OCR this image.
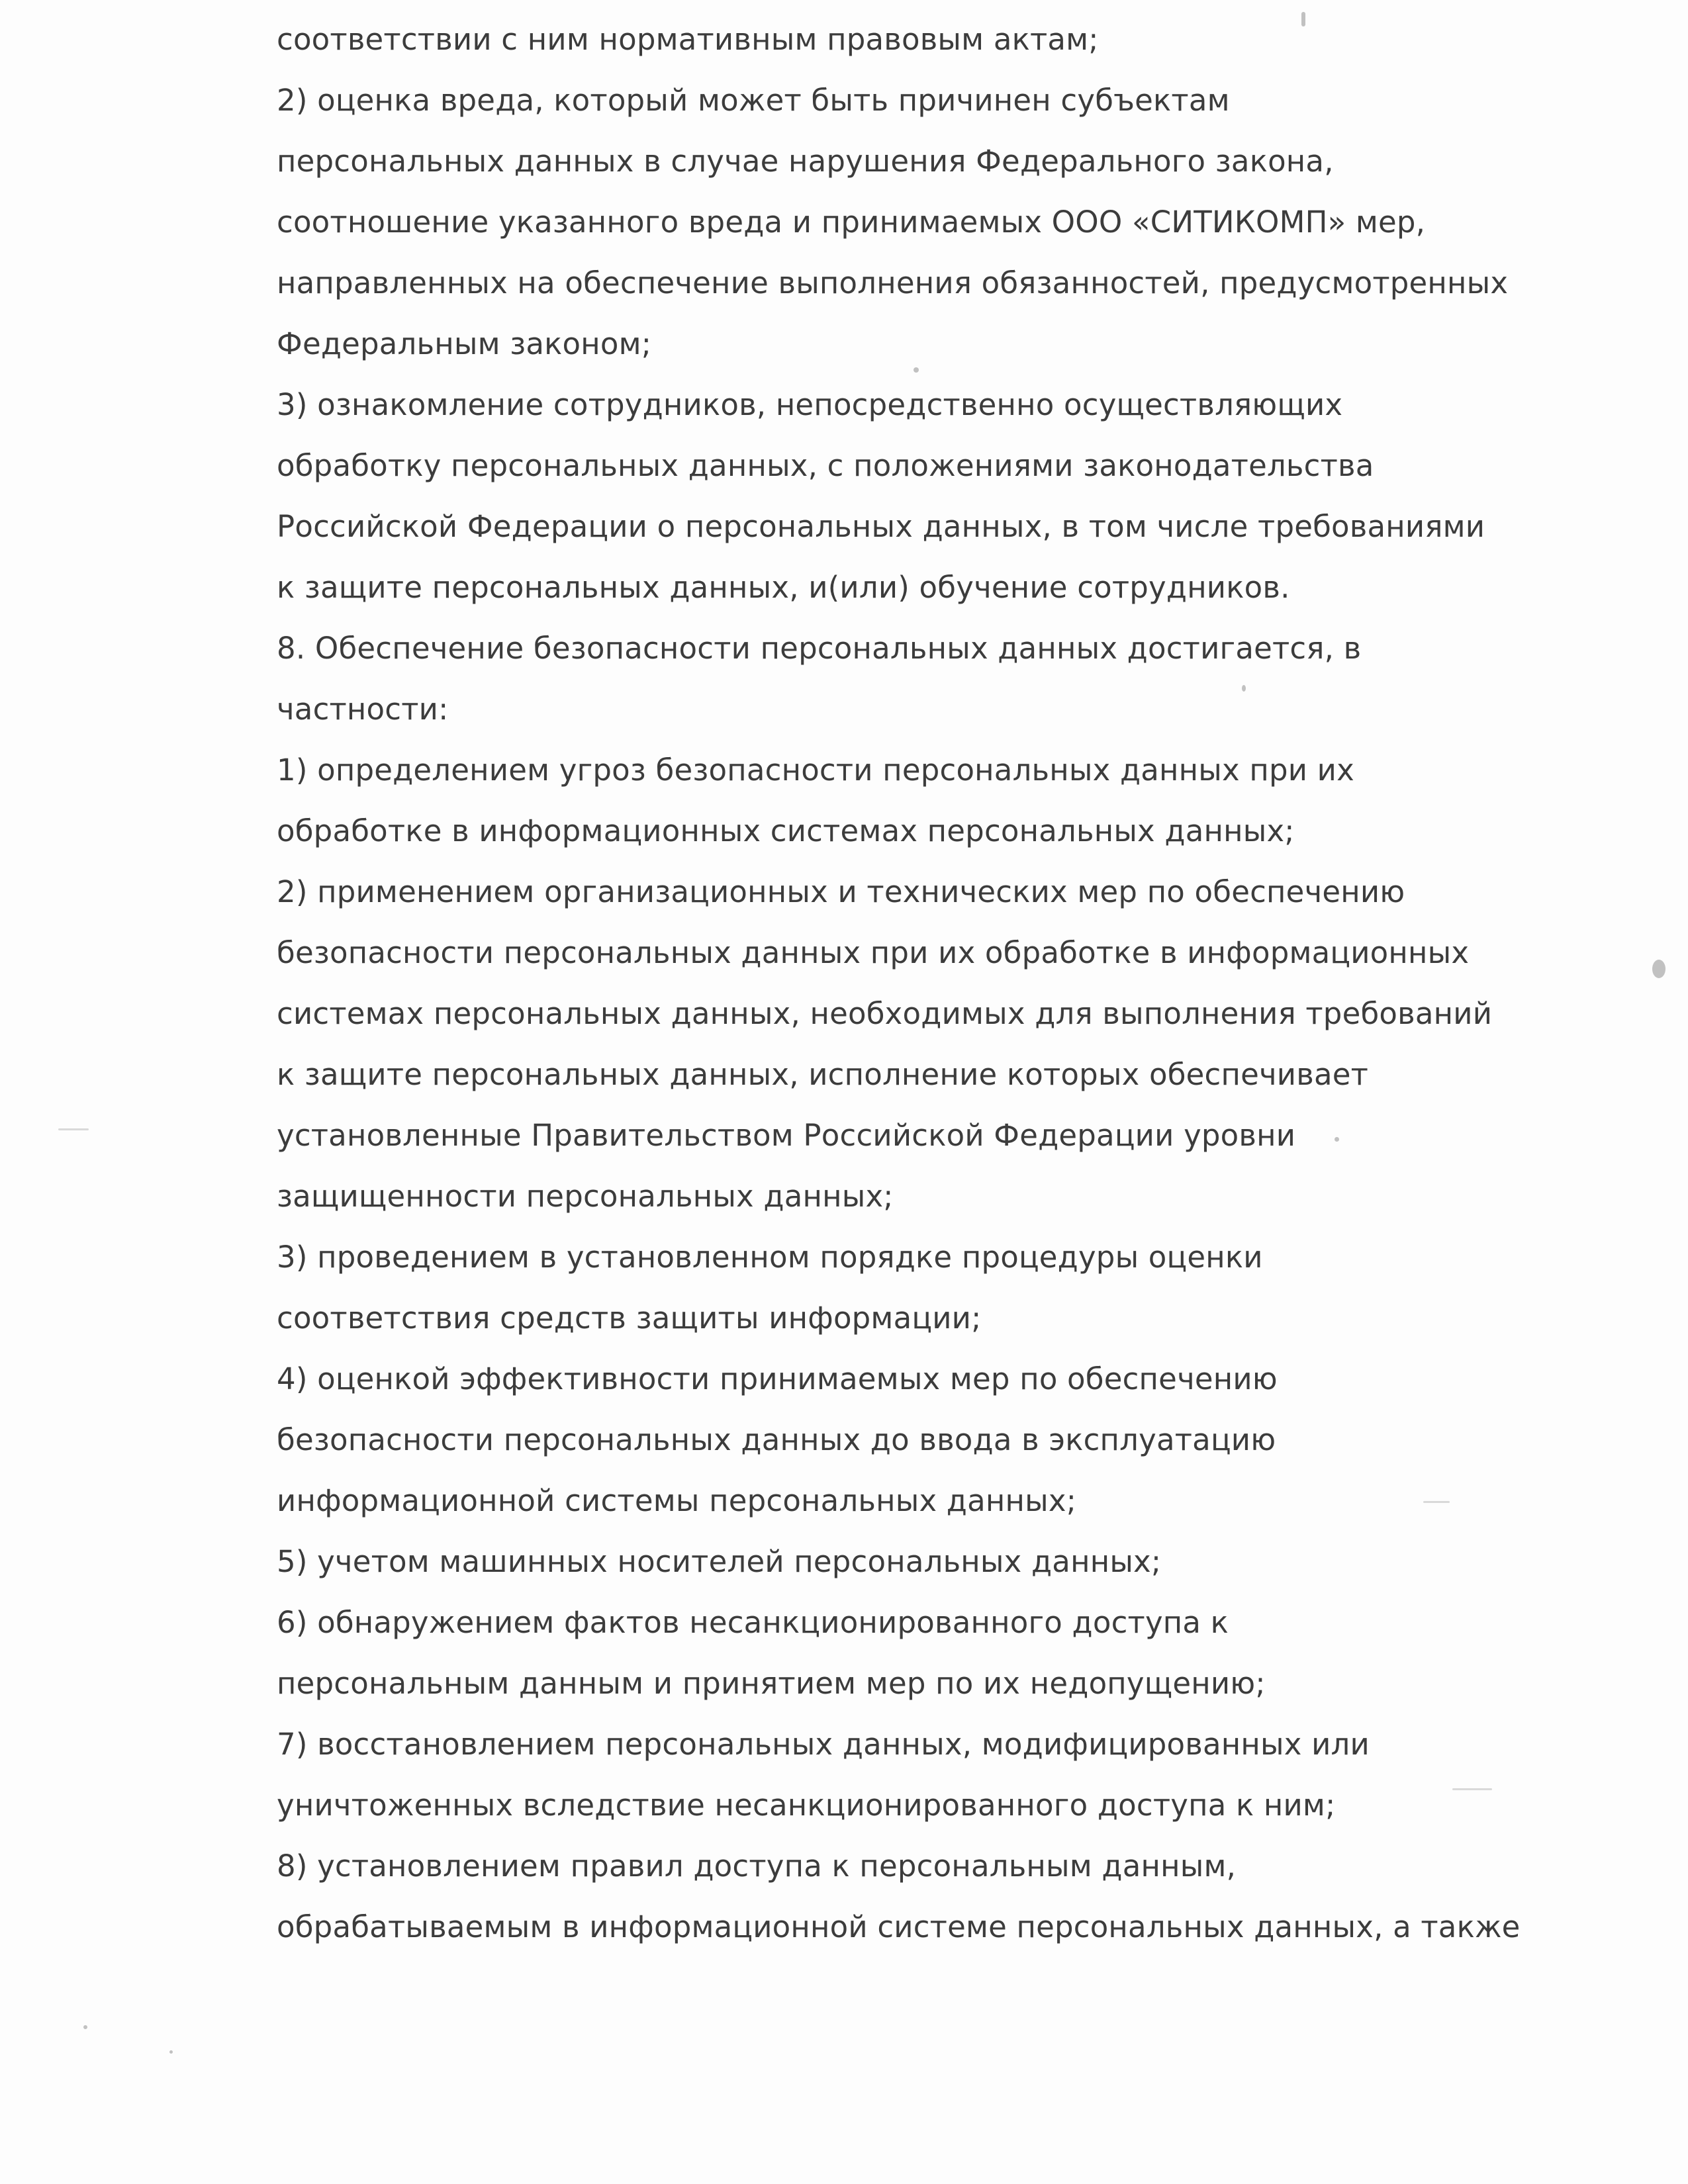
соответствии с ним нормативным правовым актам;
2) оценка вреда, который может быть причинен субъектам
персональных данных в случае нарушения Федерального закона,
соотношение указанного вреда и принимаемых ООО «СИТИКОМП» мер,
направленных на обеспечение выполнения обязанностей, предусмотренных
Федеральным законом;
3) ознакомление сотрудников, непосредственно осуществляющих
обработку персональных данных, с положениями законодательства
Российской Федерации о персональных данных, в том числе требованиями
к защите персональных данных, и(или) обучение сотрудников.
8. Обеспечение безопасности персональных данных достигается, в
частности:
1) определением угроз безопасности персональных данных при их
обработке в информационных системах персональных данных;
2) применением организационных и технических мер по обеспечению
безопасности персональных данных при их обработке в информационных
системах персональных данных, необходимых для выполнения требований
к защите персональных данных, исполнение которых обеспечивает
установленные Правительством Российской Федерации уровни
защищенности персональных данных;
3) проведением в установленном порядке процедуры оценки
соответствия средств защиты информации;
4) оценкой эффективности принимаемых мер по обеспечению
безопасности персональных данных до ввода в эксплуатацию
информационной системы персональных данных;
5) учетом машинных носителей персональных данных;
6) обнаружением фактов несанкционированного доступа к
персональным данным и принятием мер по их недопущению;
7) восстановлением персональных данных, модифицированных или
уничтоженных вследствие несанкционированного доступа к ним;
8) установлением правил доступа к персональным данным,
обрабатываемым в информационной системе персональных данных, а также
